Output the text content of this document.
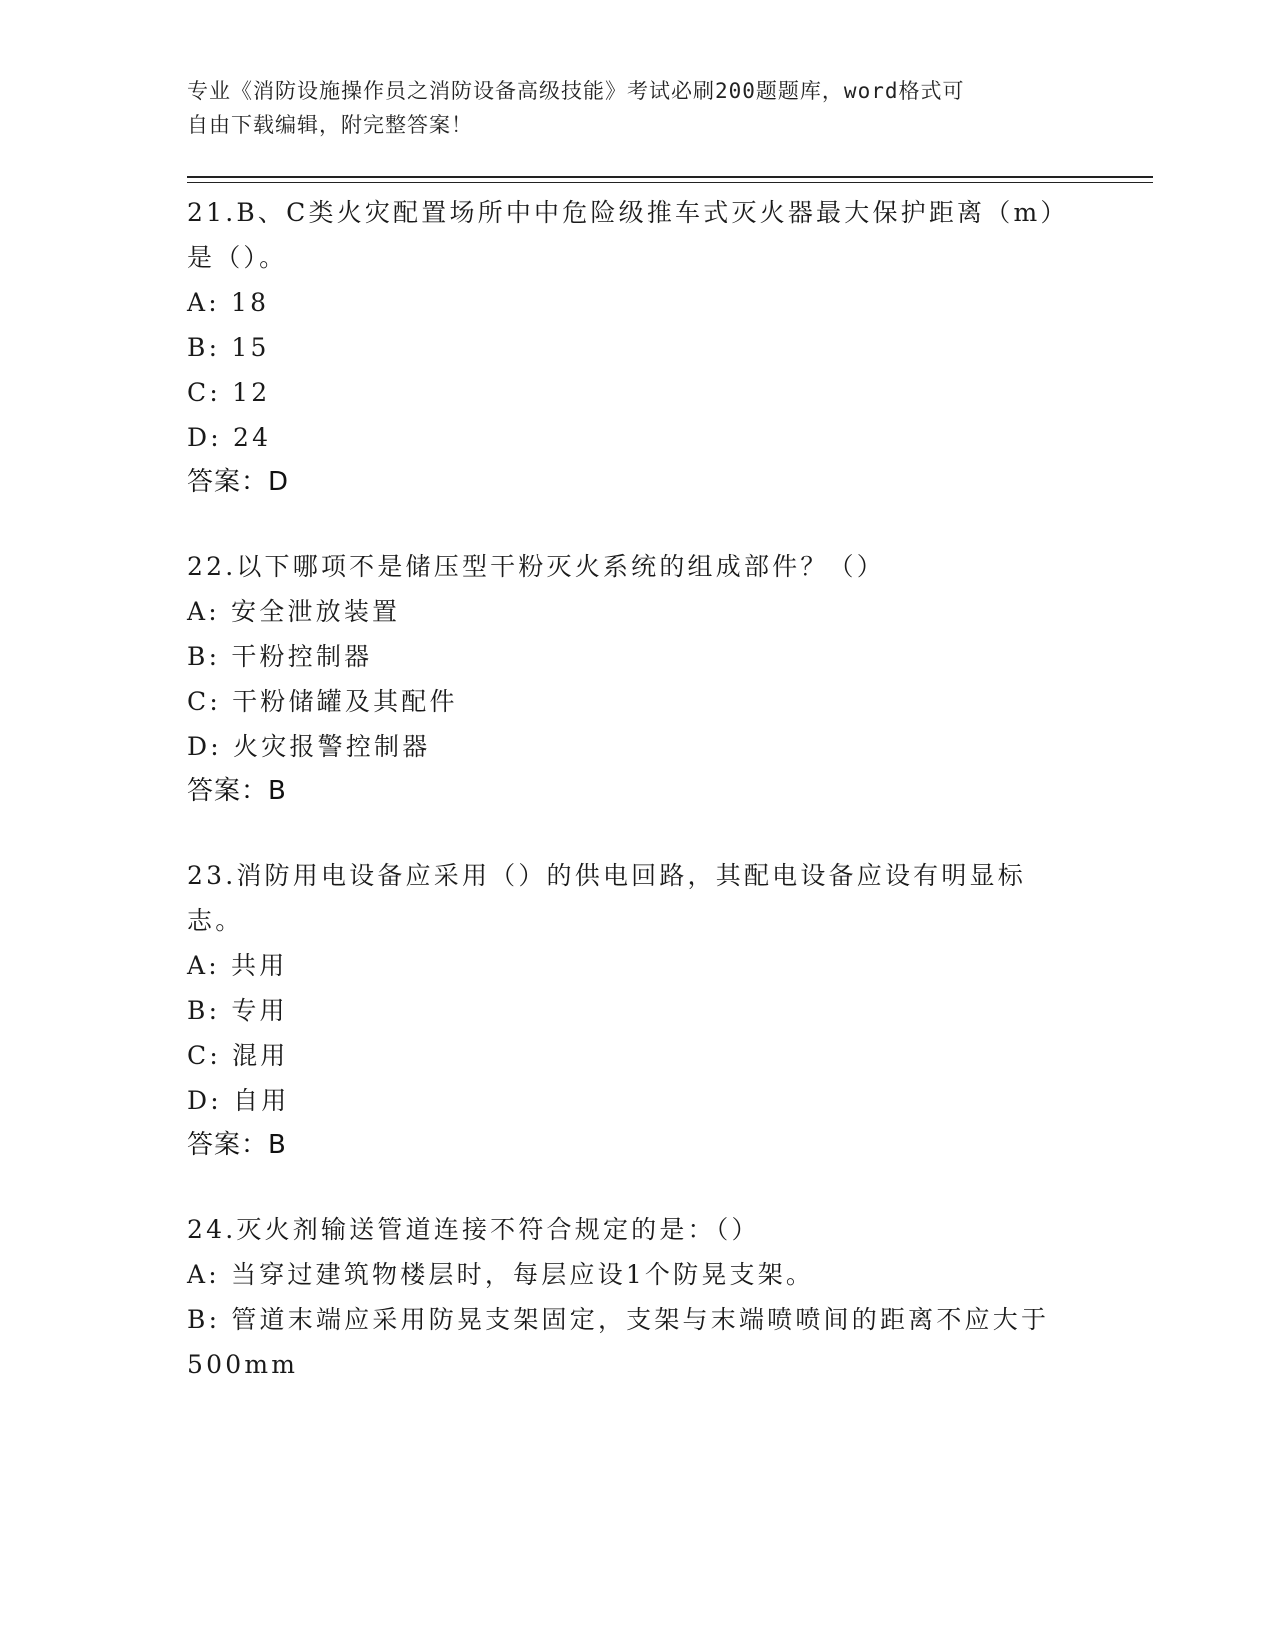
专业《消防设施操作员之消防设备高级技能》考试必刷200题题库，word格式可
自由下载编辑，附完整答案！

21.B、C类火灾配置场所中中危险级推车式灭火器最大保护距离（m）是（）。

A: 18

B: 15

C: 12

D: 24

答案：D

22.以下哪项不是储压型干粉灭火系统的组成部件？（）

A: 安全泄放装置

B: 干粉控制器

C: 干粉储罐及其配件

D: 火灾报警控制器

答案：B

23.消防用电设备应采用（）的供电回路，其配电设备应设有明显标志。

A: 共用

B: 专用

C: 混用

D: 自用

答案：B

24.灭火剂输送管道连接不符合规定的是：（）

A: 当穿过建筑物楼层时，每层应设1个防晃支架。

B: 管道末端应采用防晃支架固定，支架与末端喷喷间的距离不应大于500mm
